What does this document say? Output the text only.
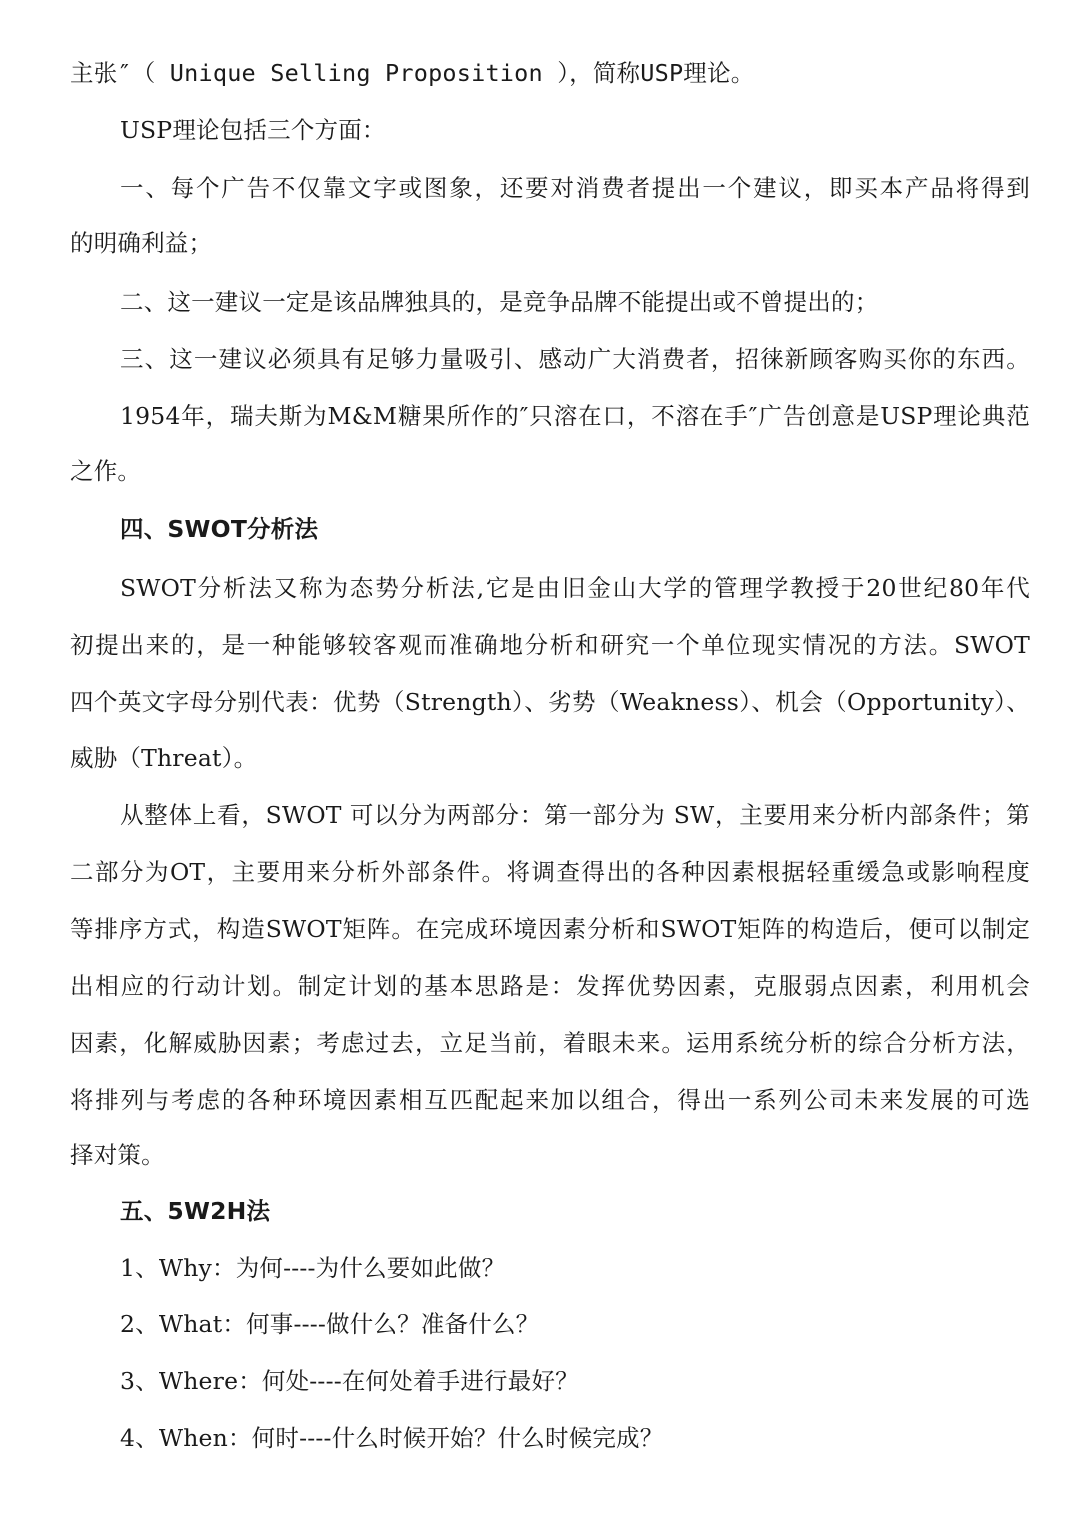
主张″（ Unique Selling Proposition ），简称USP理论。

USP理论包括三个方面：

一、每个广告不仅靠文字或图象，还要对消费者提出一个建议，即买本产品将得到

的明确利益；

二、这一建议一定是该品牌独具的，是竞争品牌不能提出或不曾提出的；

三、这一建议必须具有足够力量吸引、感动广大消费者，招徕新顾客购买你的东西。

1954年，瑞夫斯为M&M糖果所作的″只溶在口，不溶在手″广告创意是USP理论典范

之作。

四、SWOT分析法

SWOT分析法又称为态势分析法,它是由旧金山大学的管理学教授于20世纪80年代

初提出来的，是一种能够较客观而准确地分析和研究一个单位现实情况的方法。SWOT

四个英文字母分别代表：优势（Strength）、劣势（Weakness）、机会（Opportunity）、

威胁（Threat）。

从整体上看，SWOT 可以分为两部分：第一部分为 SW，主要用来分析内部条件；第

二部分为OT，主要用来分析外部条件。将调查得出的各种因素根据轻重缓急或影响程度

等排序方式，构造SWOT矩阵。在完成环境因素分析和SWOT矩阵的构造后，便可以制定

出相应的行动计划。制定计划的基本思路是：发挥优势因素，克服弱点因素，利用机会

因素，化解威胁因素；考虑过去，立足当前，着眼未来。运用系统分析的综合分析方法，

将排列与考虑的各种环境因素相互匹配起来加以组合，得出一系列公司未来发展的可选

择对策。

五、5W2H法

1、Why：为何----为什么要如此做？

2、What：何事----做什么？准备什么？

3、Where：何处----在何处着手进行最好？

4、When：何时----什么时候开始？什么时候完成？
